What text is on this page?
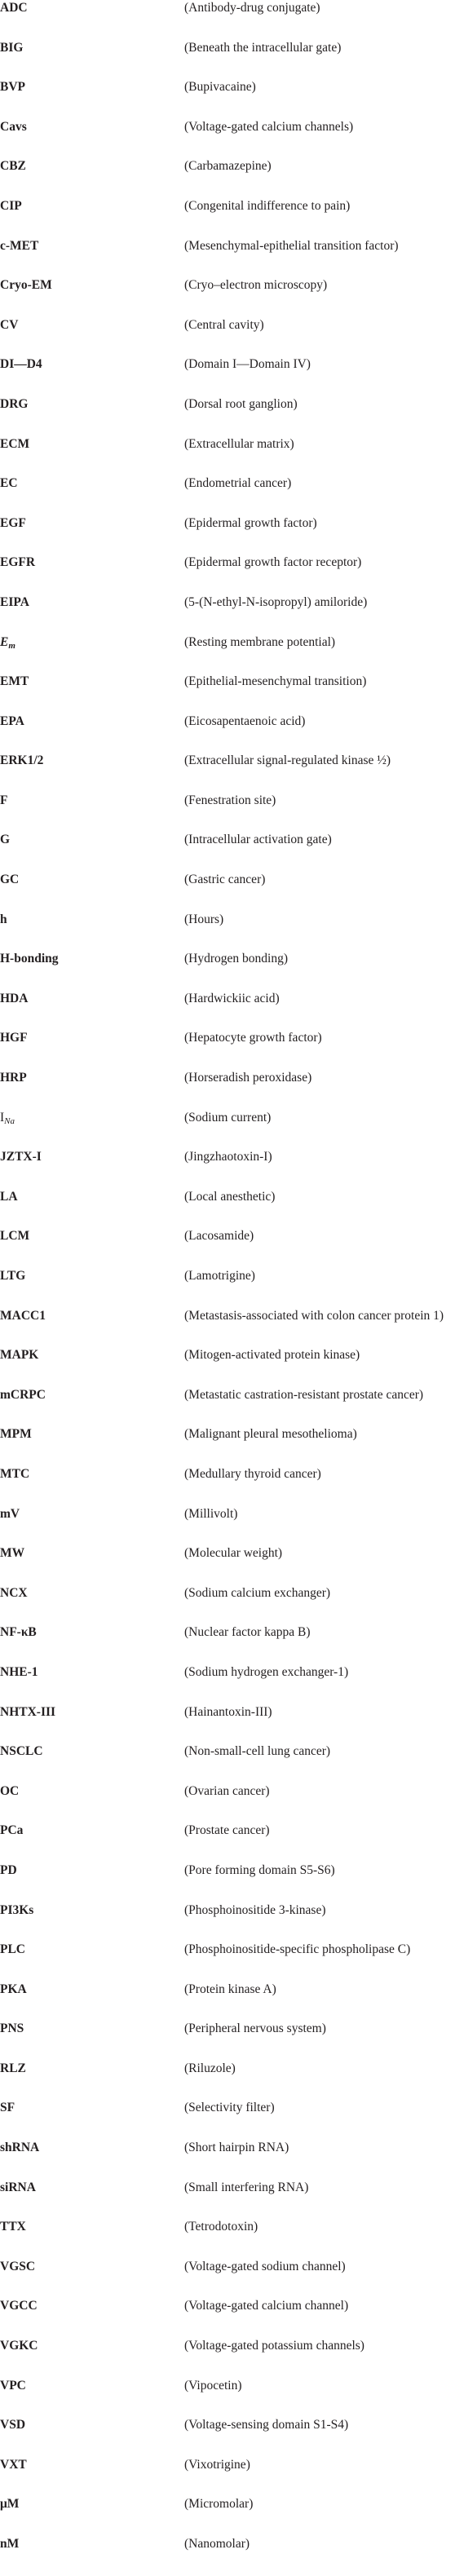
ADC	(Antibody-drug conjugate)
BIG	(Beneath the intracellular gate)
BVP	(Bupivacaine)
Cavs	(Voltage-gated calcium channels)
CBZ	(Carbamazepine)
CIP	(Congenital indifference to pain)
c-MET	(Mesenchymal-epithelial transition factor)
Cryo-EM	(Cryo–electron microscopy)
CV	(Central cavity)
DI—D4	(Domain I—Domain IV)
DRG	(Dorsal root ganglion)
ECM	(Extracellular matrix)
EC	(Endometrial cancer)
EGF	(Epidermal growth factor)
EGFR	(Epidermal growth factor receptor)
EIPA	(5-(N-ethyl-N-isopropyl) amiloride)
$E_m$	(Resting membrane potential)
EMT	(Epithelial-mesenchymal transition)
EPA	(Eicosapentaenoic acid)
ERK1/2	(Extracellular signal-regulated kinase ½)
F	(Fenestration site)
G	(Intracellular activation gate)
GC	(Gastric cancer)
h	(Hours)
H-bonding	(Hydrogen bonding)
HDA	(Hardwickiic acid)
HGF	(Hepatocyte growth factor)
HRP	(Horseradish peroxidase)
$I_{Na}$	(Sodium current)
JZTX-I	(Jingzhaotoxin-I)
LA	(Local anesthetic)
LCM	(Lacosamide)
LTG	(Lamotrigine)
MACC1	(Metastasis-associated with colon cancer protein 1)
MAPK	(Mitogen-activated protein kinase)
mCRPC	(Metastatic castration-resistant prostate cancer)
MPM	(Malignant pleural mesothelioma)
MTC	(Medullary thyroid cancer)
mV	(Millivolt)
MW	(Molecular weight)
NCX	(Sodium calcium exchanger)
NF-κB	(Nuclear factor kappa B)
NHE-1	(Sodium hydrogen exchanger-1)
NHTX-III	(Hainantoxin-III)
NSCLC	(Non-small-cell lung cancer)
OC	(Ovarian cancer)
PCa	(Prostate cancer)
PD	(Pore forming domain S5-S6)
PI3Ks	(Phosphoinositide 3-kinase)
PLC	(Phosphoinositide-specific phospholipase C)
PKA	(Protein kinase A)
PNS	(Peripheral nervous system)
RLZ	(Riluzole)
SF	(Selectivity filter)
shRNA	(Short hairpin RNA)
siRNA	(Small interfering RNA)
TTX	(Tetrodotoxin)
VGSC	(Voltage-gated sodium channel)
VGCC	(Voltage-gated calcium channel)
VGKC	(Voltage-gated potassium channels)
VPC	(Vipocetin)
VSD	(Voltage-sensing domain S1-S4)
VXT	(Vixotrigine)
μM	(Micromolar)
nM	(Nanomolar)
